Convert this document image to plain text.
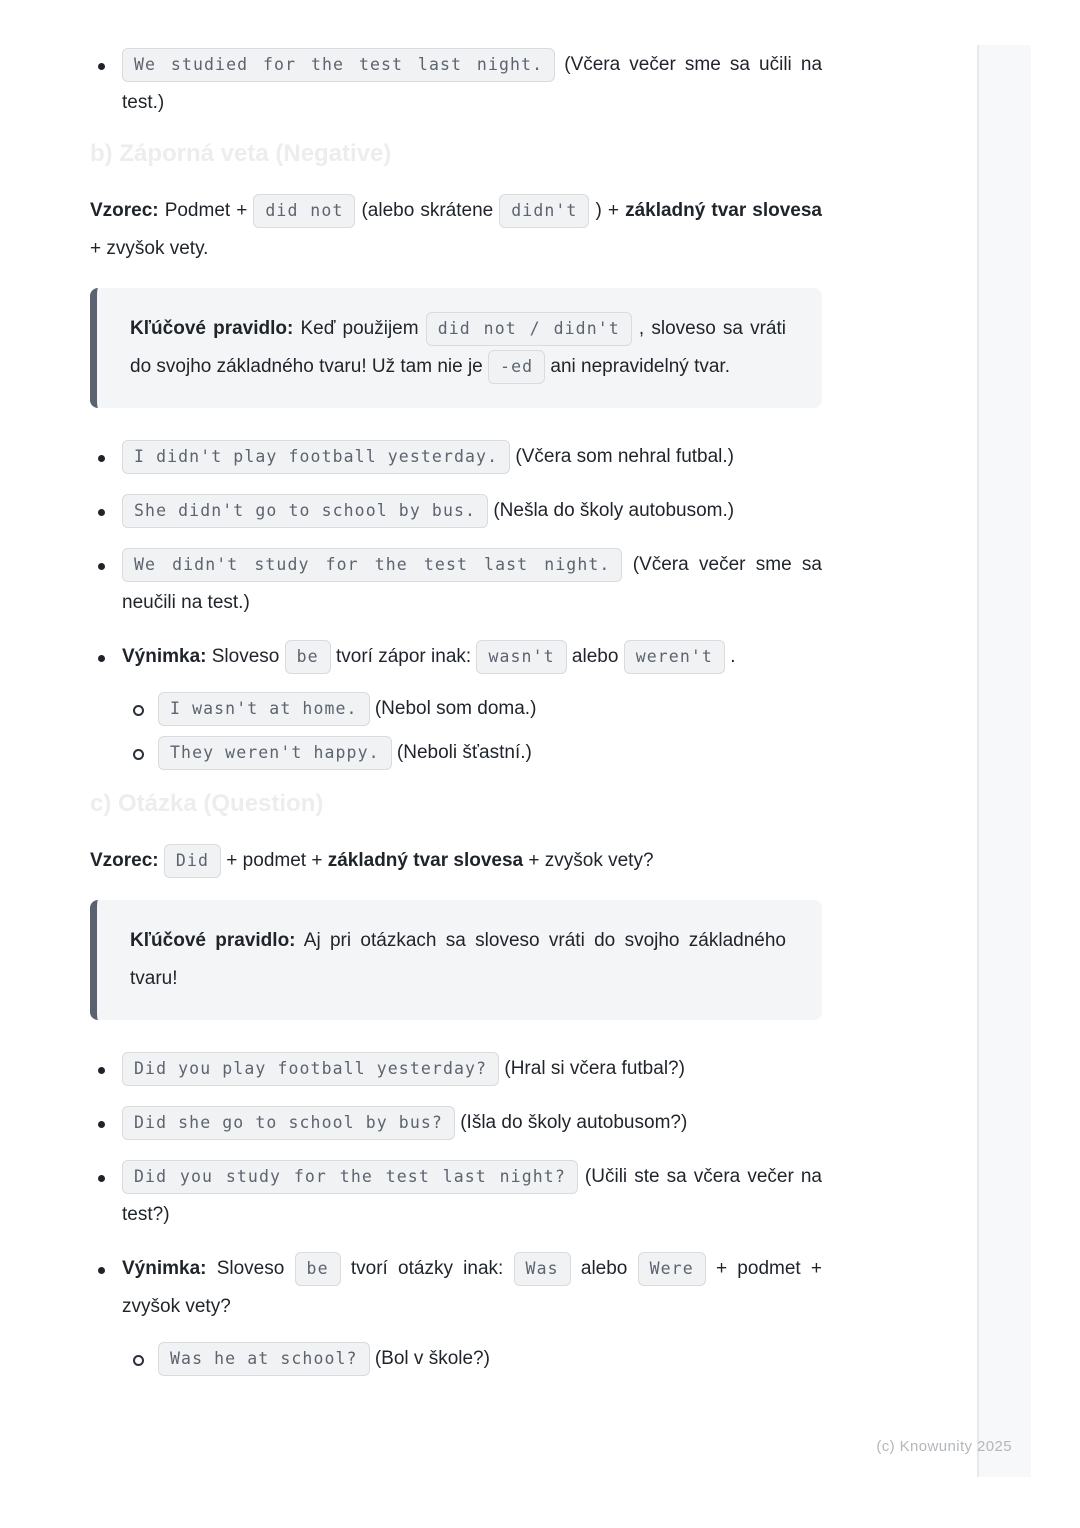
We studied for the test last night. (Včera večer sme sa učili na test.)
b) Záporná veta (Negative)

Vzorec: Podmet + did not (alebo skrátene didn't ) + základný tvar slovesa + zvyšok vety.

Kľúčové pravidlo: Keď použijem did not / didn't , sloveso sa vráti do svojho základného tvaru! Už tam nie je -ed ani nepravidelný tvar.

I didn't play football yesterday. (Včera som nehral futbal.)
She didn't go to school by bus. (Nešla do školy autobusom.)
We didn't study for the test last night. (Včera večer sme sa neučili na test.)
Výnimka: Sloveso be tvorí zápor inak: wasn't alebo weren't .
I wasn't at home. (Nebol som doma.)
They weren't happy. (Neboli šťastní.)
c) Otázka (Question)

Vzorec: Did + podmet + základný tvar slovesa + zvyšok vety?

Kľúčové pravidlo: Aj pri otázkach sa sloveso vráti do svojho základného tvaru!

Did you play football yesterday? (Hral si včera futbal?)
Did she go to school by bus? (Išla do školy autobusom?)
Did you study for the test last night? (Učili ste sa včera večer na test?)
Výnimka: Sloveso be tvorí otázky inak: Was alebo Were + podmet + zvyšok vety?
Was he at school? (Bol v škole?)
(c) Knowunity 2025
